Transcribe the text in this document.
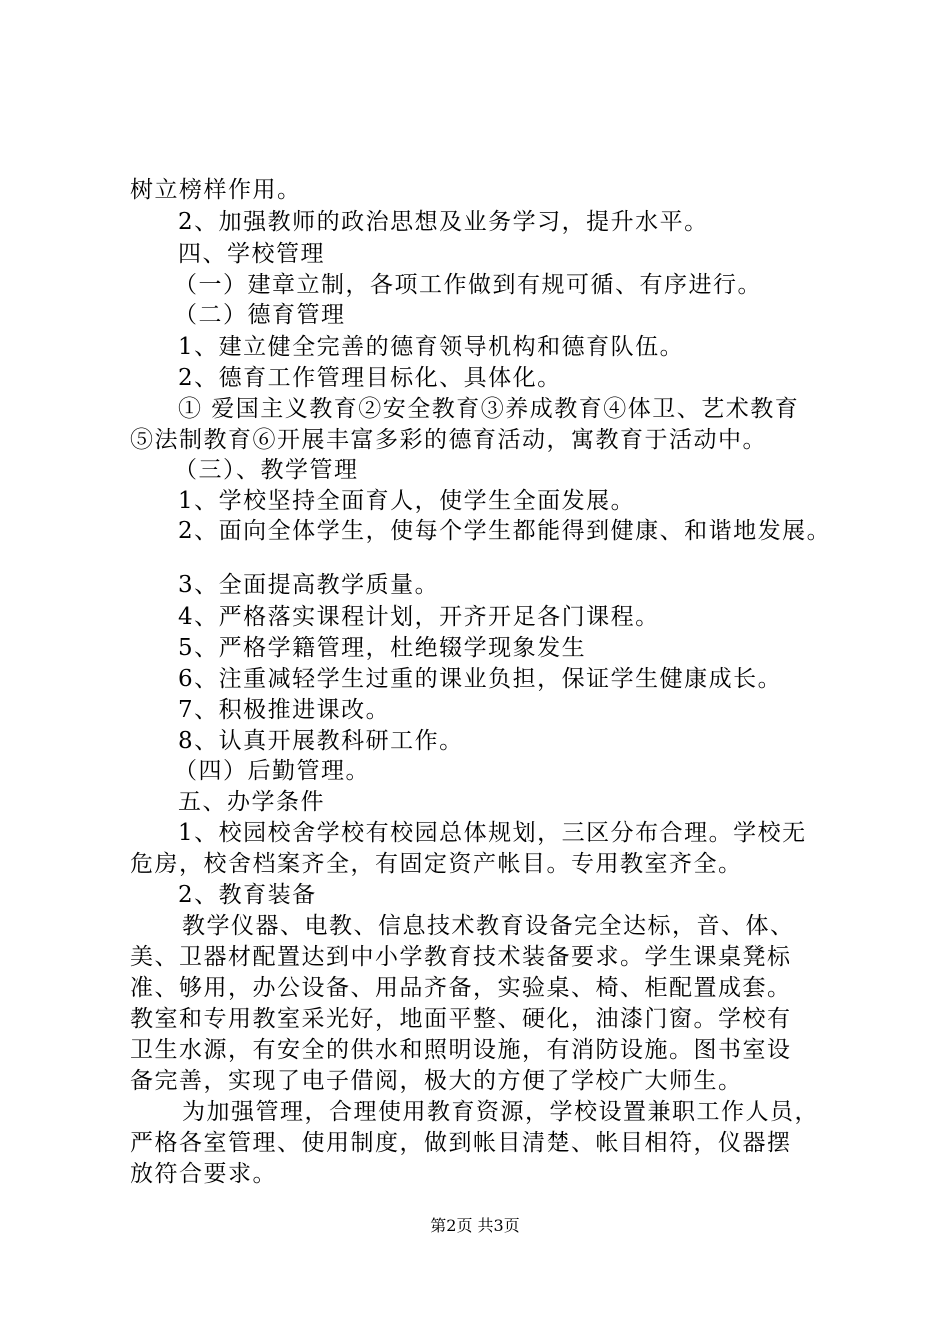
树立榜样作用。
2、加强教师的政治思想及业务学习，提升水平。
四、学校管理
（一）建章立制，各项工作做到有规可循、有序进行。
（二）德育管理
1、建立健全完善的德育领导机构和德育队伍。
2、德育工作管理目标化、具体化。
① 爱国主义教育②安全教育③养成教育④体卫、艺术教育
⑤法制教育⑥开展丰富多彩的德育活动，寓教育于活动中。
（三）、教学管理
1、学校坚持全面育人，使学生全面发展。
2、面向全体学生，使每个学生都能得到健康、和谐地发展。
3、全面提高教学质量。
4、严格落实课程计划，开齐开足各门课程。
5、严格学籍管理，杜绝辍学现象发生
6、注重减轻学生过重的课业负担，保证学生健康成长。
7、积极推进课改。
8、认真开展教科研工作。
（四）后勤管理。
五、办学条件
1、校园校舍学校有校园总体规划，三区分布合理。学校无
危房，校舍档案齐全，有固定资产帐目。专用教室齐全。
2、教育装备
教学仪器、电教、信息技术教育设备完全达标，音、体、
美、卫器材配置达到中小学教育技术装备要求。学生课桌凳标
准、够用，办公设备、用品齐备，实验桌、椅、柜配置成套。
教室和专用教室采光好，地面平整、硬化，油漆门窗。学校有
卫生水源，有安全的供水和照明设施，有消防设施。图书室设
备完善，实现了电子借阅，极大的方便了学校广大师生。
为加强管理，合理使用教育资源，学校设置兼职工作人员，
严格各室管理、使用制度，做到帐目清楚、帐目相符，仪器摆
放符合要求。
第2页 共3页
